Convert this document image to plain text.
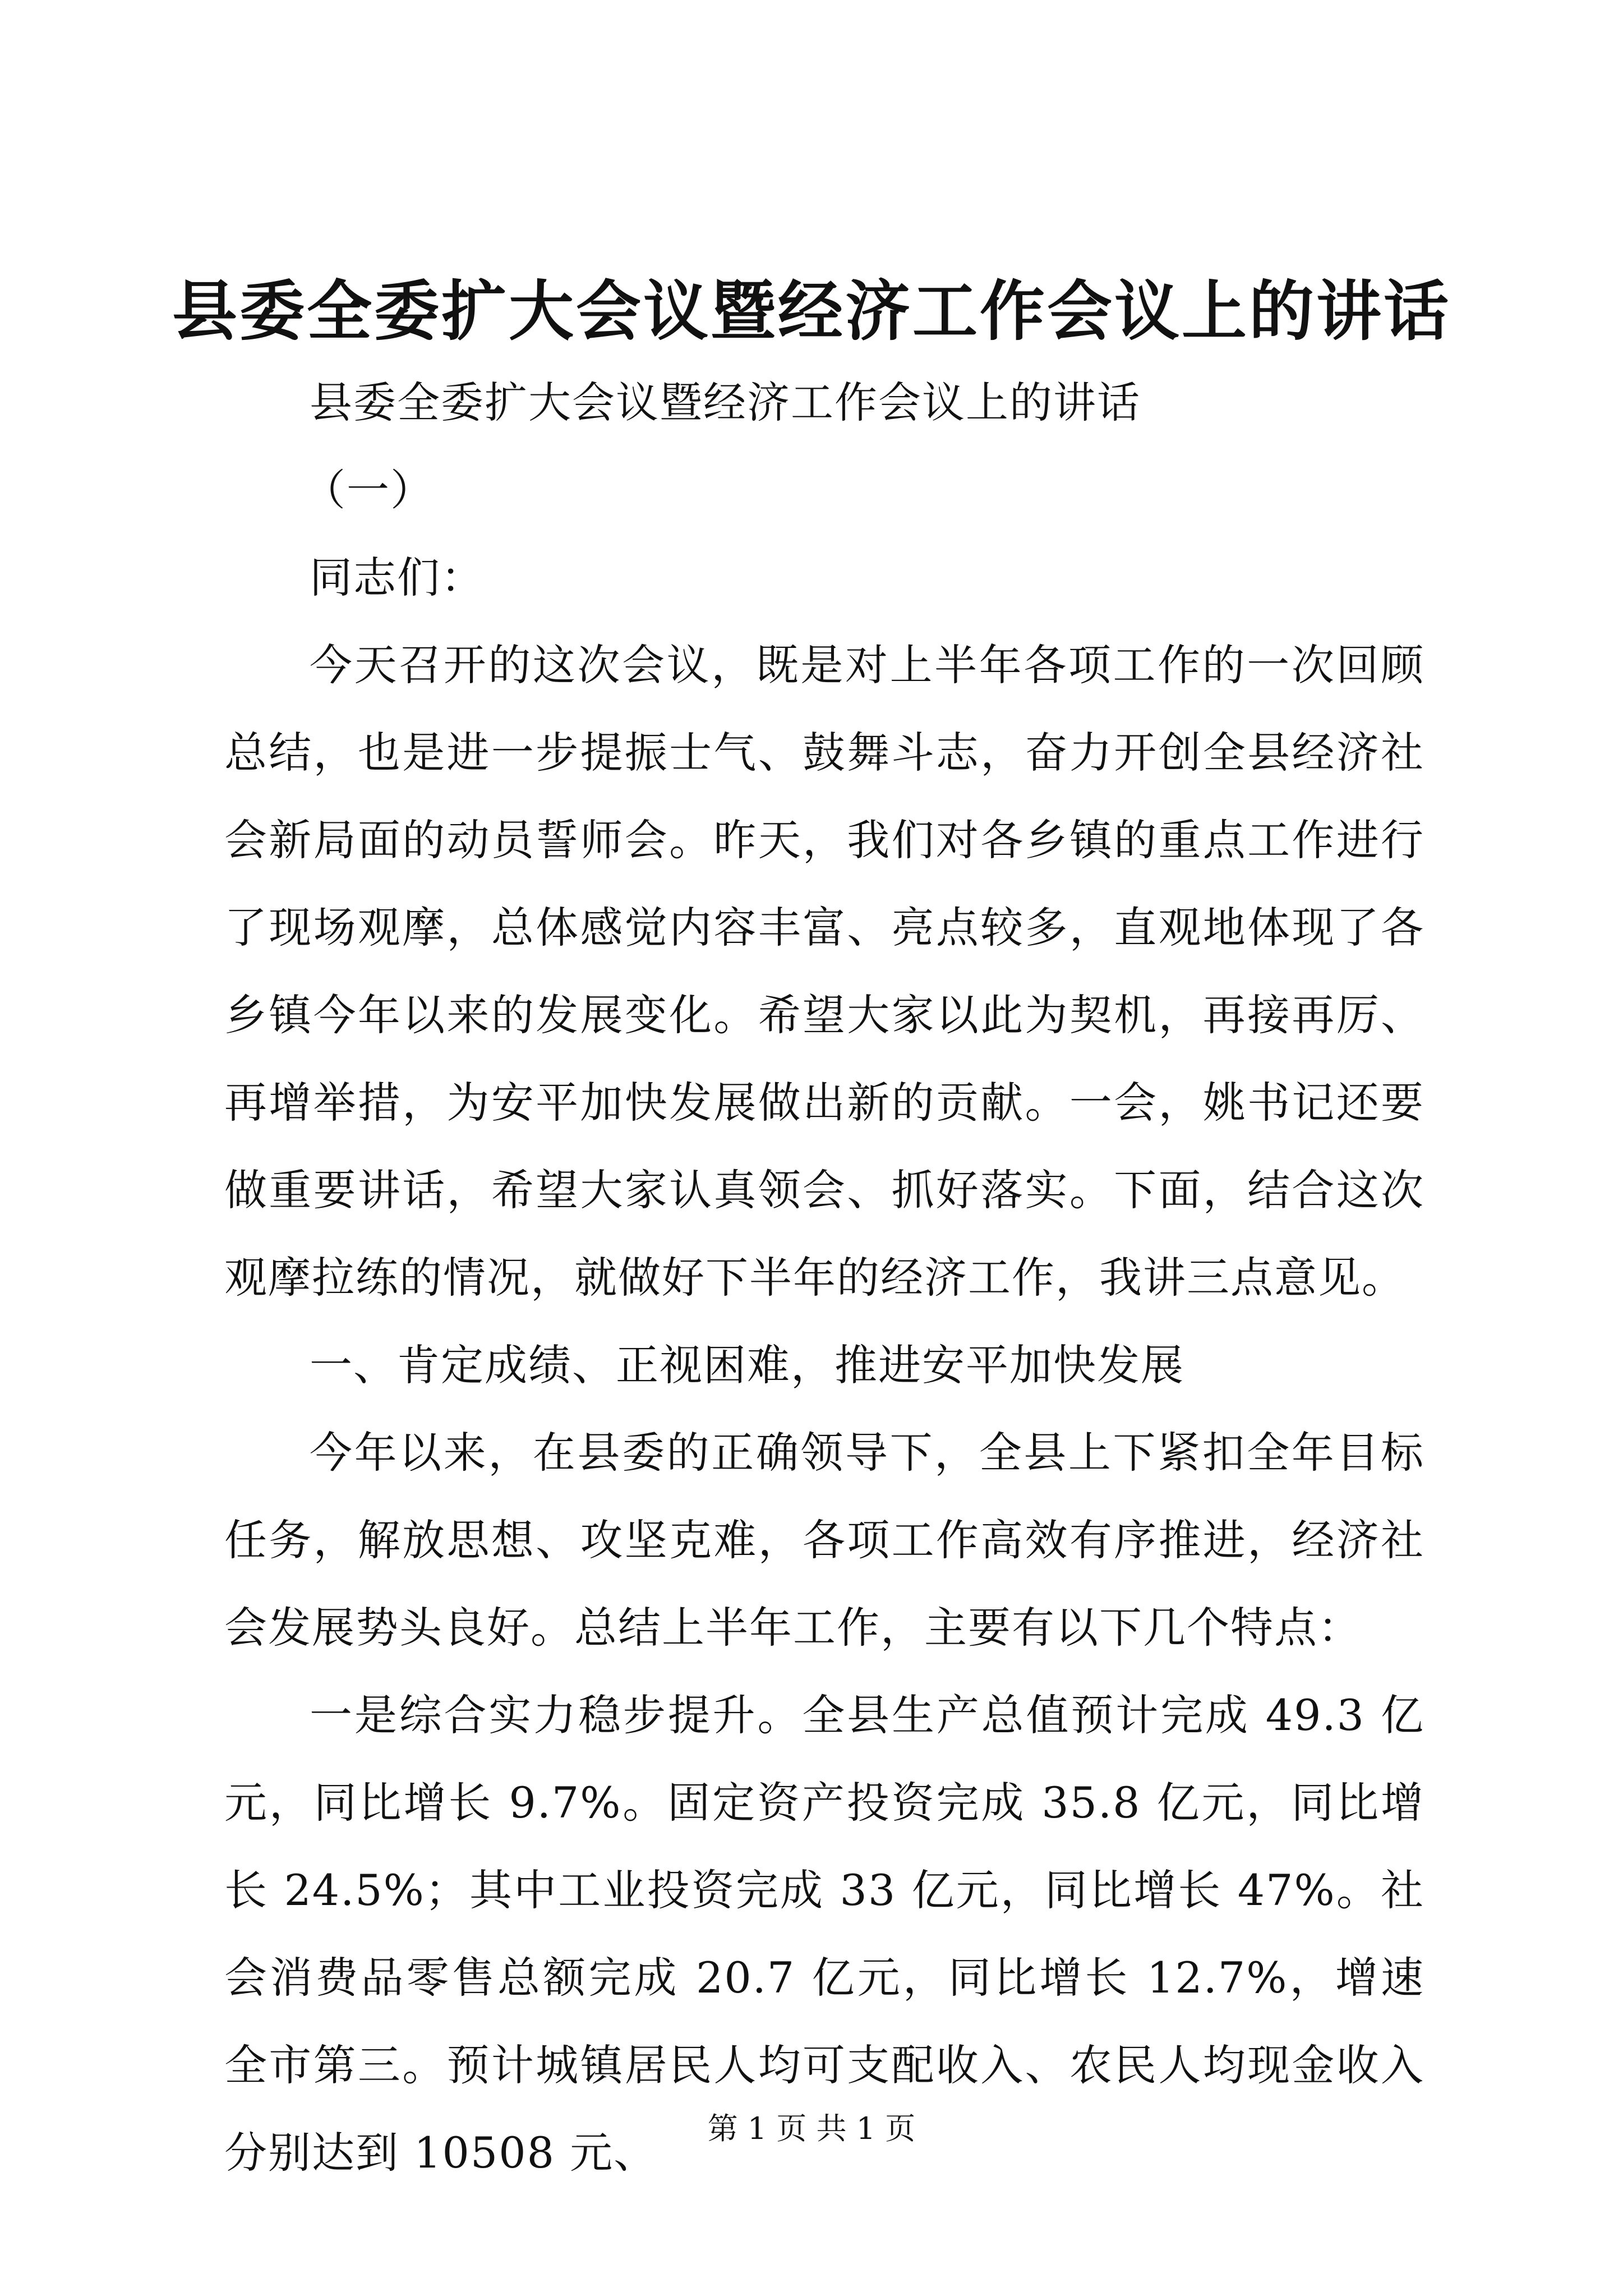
县委全委扩大会议暨经济工作会议上的讲话

县委全委扩大会议暨经济工作会议上的讲话

（一）

同志们：

今天召开的这次会议，既是对上半年各项工作的一次回顾总结，也是进一步提振士气、鼓舞斗志，奋力开创全县经济社会新局面的动员誓师会。昨天，我们对各乡镇的重点工作进行了现场观摩，总体感觉内容丰富、亮点较多，直观地体现了各乡镇今年以来的发展变化。希望大家以此为契机，再接再厉、再增举措，为安平加快发展做出新的贡献。一会，姚书记还要做重要讲话，希望大家认真领会、抓好落实。下面，结合这次观摩拉练的情况，就做好下半年的经济工作，我讲三点意见。

一、肯定成绩、正视困难，推进安平加快发展

今年以来，在县委的正确领导下，全县上下紧扣全年目标任务，解放思想、攻坚克难，各项工作高效有序推进，经济社会发展势头良好。总结上半年工作，主要有以下几个特点：

一是综合实力稳步提升。全县生产总值预计完成 49.3 亿元，同比增长 9.7%。固定资产投资完成 35.8 亿元，同比增长 24.5%；其中工业投资完成 33 亿元，同比增长 47%。社会消费品零售总额完成 20.7 亿元，同比增长 12.7%，增速全市第三。预计城镇居民人均可支配收入、农民人均现金收入分别达到 10508 元、	第 1 页 共 1 页
